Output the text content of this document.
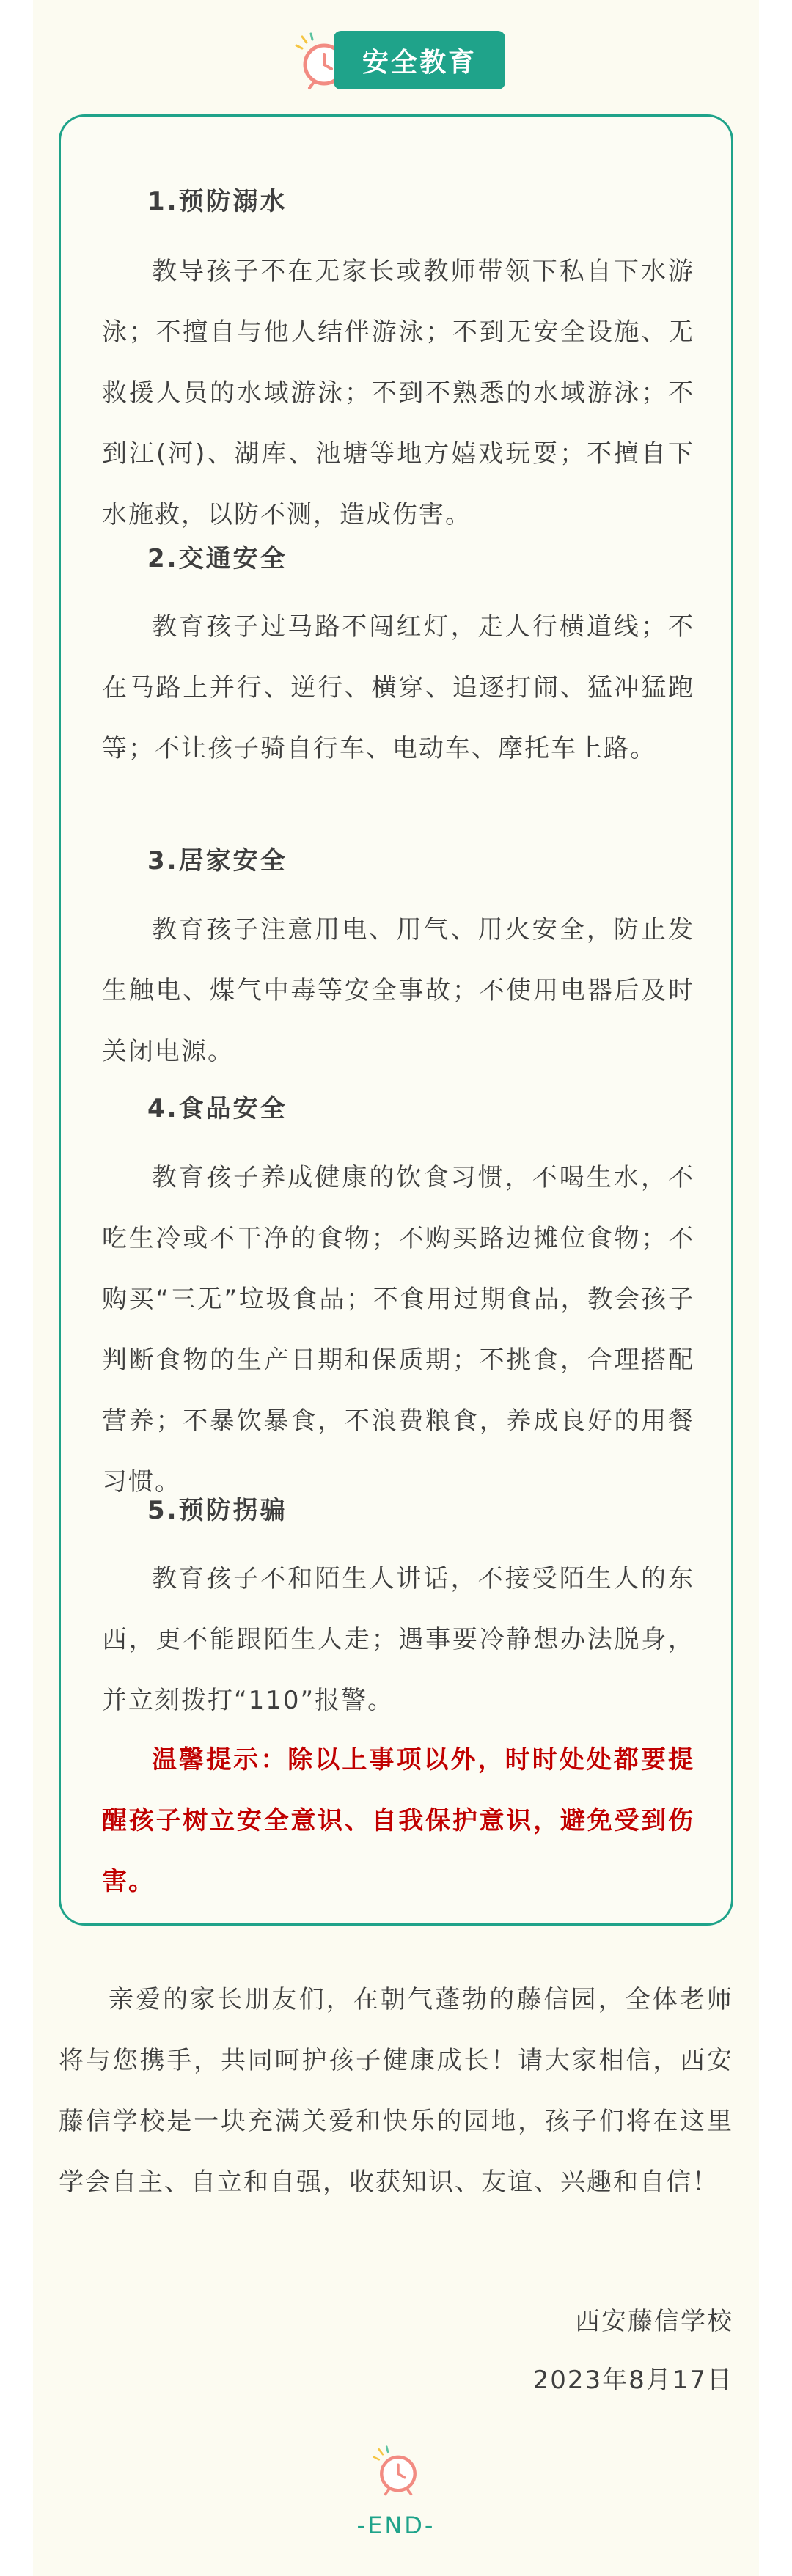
安全教育
1.预防溺水
教导孩子不在无家长或教师带领下私自下水游泳；不擅自与他人结伴游泳；不到无安全设施、无救援人员的水域游泳；不到不熟悉的水域游泳；不到江(河)、湖库、池塘等地方嬉戏玩耍；不擅自下水施救，以防不测，造成伤害。
2.交通安全
教育孩子过马路不闯红灯，走人行横道线；不在马路上并行、逆行、横穿、追逐打闹、猛冲猛跑等；不让孩子骑自行车、电动车、摩托车上路。
3.居家安全
教育孩子注意用电、用气、用火安全，防止发生触电、煤气中毒等安全事故；不使用电器后及时关闭电源。
4.食品安全
教育孩子养成健康的饮食习惯，不喝生水，不吃生冷或不干净的食物；不购买路边摊位食物；不购买“三无”垃圾食品；不食用过期食品，教会孩子判断食物的生产日期和保质期；不挑食，合理搭配营养；不暴饮暴食，不浪费粮食，养成良好的用餐习惯。
5.预防拐骗
教育孩子不和陌生人讲话，不接受陌生人的东西，更不能跟陌生人走；遇事要冷静想办法脱身，并立刻拨打“110”报警。
温馨提示：除以上事项以外，时时处处都要提醒孩子树立安全意识、自我保护意识，避免受到伤害。
亲爱的家长朋友们，在朝气蓬勃的藤信园，全体老师将与您携手，共同呵护孩子健康成长！请大家相信，西安藤信学校是一块充满关爱和快乐的园地，孩子们将在这里学会自主、自立和自强，收获知识、友谊、兴趣和自信！
西安藤信学校
2023年8月17日
-END-
